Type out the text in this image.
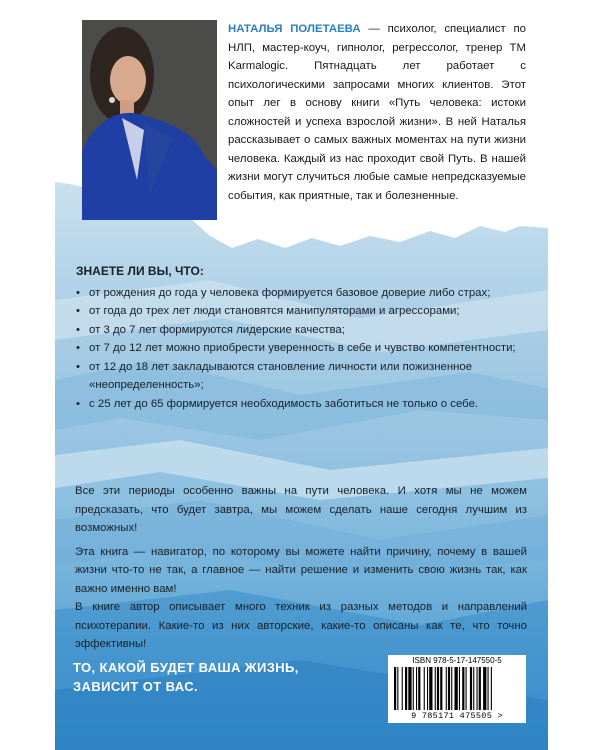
НАТАЛЬЯ ПОЛЕТАЕВА — психолог, специалист по НЛП, мастер-коуч, гипнолог, регрессолог, тренер ТМ Karmalogic. Пятнадцать лет работает с психологическими запросами многих клиентов. Этот опыт лег в основу книги «Путь человека: истоки сложностей и успеха взрослой жизни». В ней Наталья рассказывает о самых важных моментах на пути жизни человека. Каждый из нас проходит свой Путь. В нашей жизни могут случиться любые самые непредсказуемые события, как приятные, так и болезненные.
ЗНАЕТЕ ЛИ ВЫ, ЧТО:
• от рождения до года у человека формируется базовое доверие либо страх;
• от года до трех лет люди становятся манипуляторами и агрессорами;
• от 3 до 7 лет формируются лидерские качества;
• от 7 до 12 лет можно приобрести уверенность в себе и чувство компетентности;
• от 12 до 18 лет закладываются становление личности или пожизненное «неопределенность»;
• с 25 лет до 65 формируется необходимость заботиться не только о себе.

Все эти периоды особенно важны на пути человека. И хотя мы не можем предсказать, что будет завтра, мы можем сделать наше сегодня лучшим из возможных!

Эта книга — навигатор, по которому вы можете найти причину, почему в вашей жизни что-то не так, а главное — найти решение и изменить свою жизнь так, как важно именно вам!

В книге автор описывает много техник из разных методов и направлений психотерапии. Какие-то из них авторские, какие-то описаны как те, что точно эффективны!

ТО, КАКОЙ БУДЕТ ВАША ЖИЗНЬ,
ЗАВИСИТ ОТ ВАС.
ISBN 978-5-17-147550-5
9 785171 475505 >
